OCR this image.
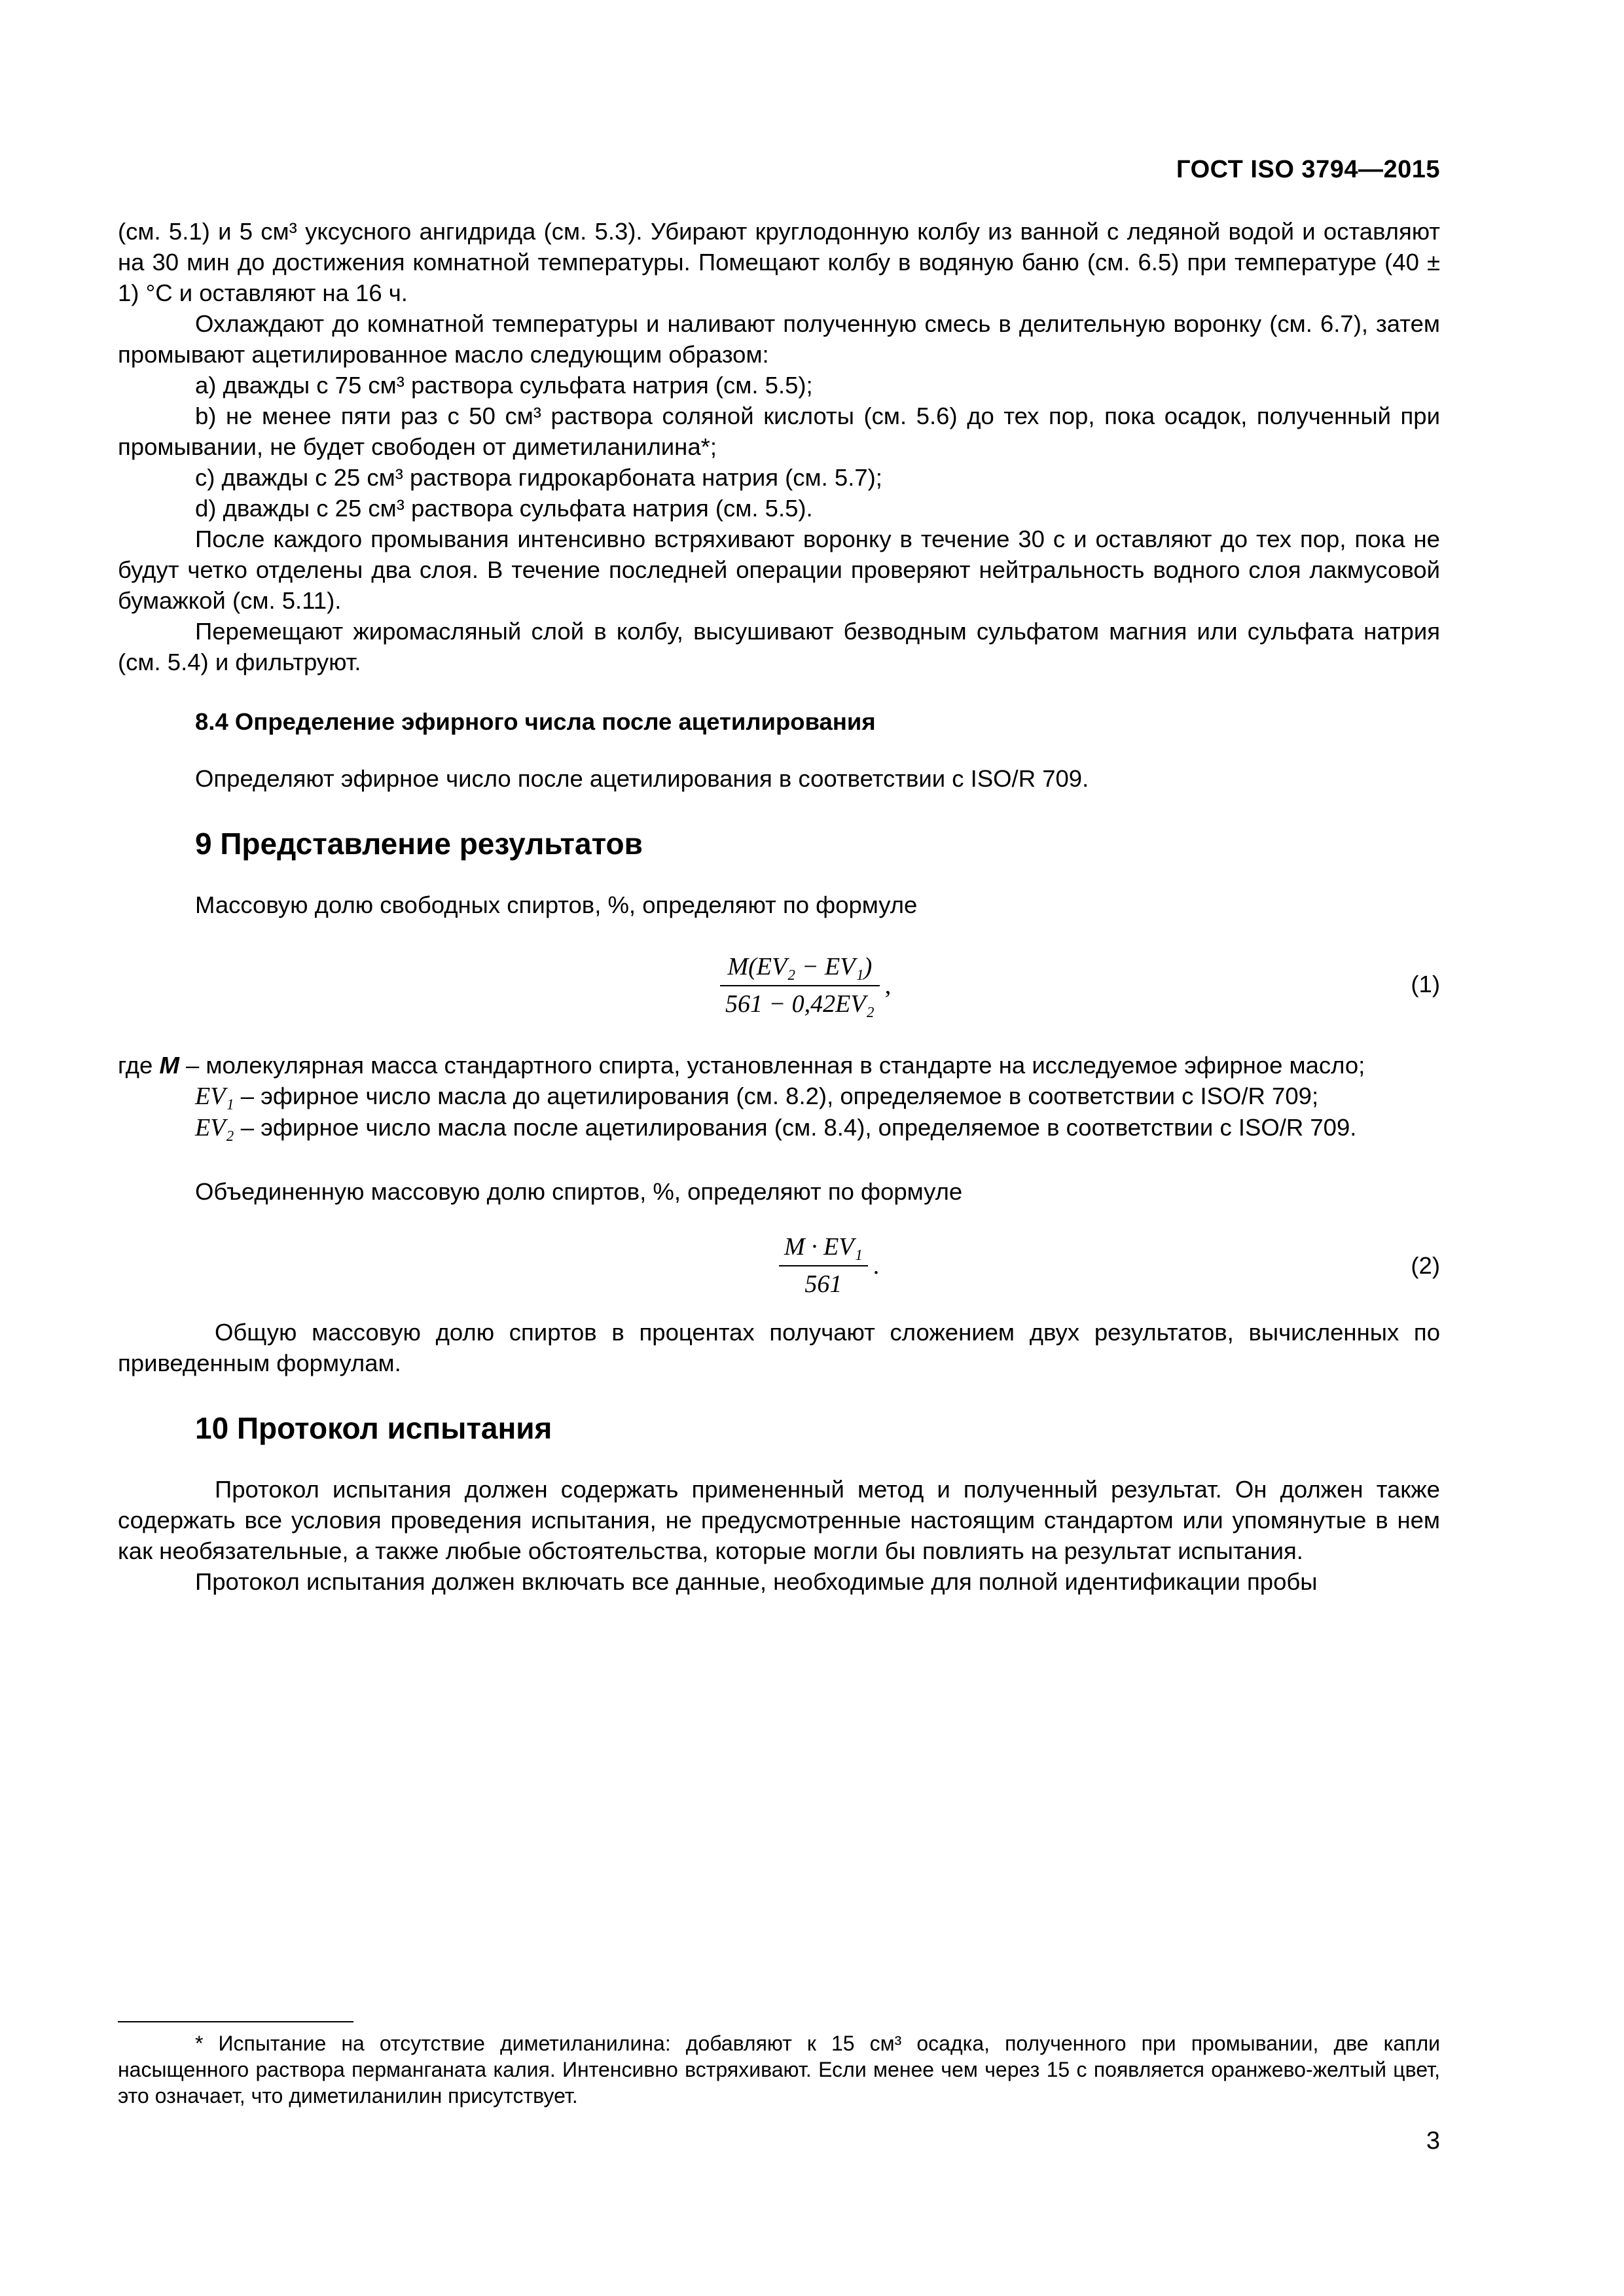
ГОСТ ISO 3794—2015

(см. 5.1) и 5 см³ уксусного ангидрида (см. 5.3). Убирают круглодонную колбу из ванной с ледяной водой и оставляют на 30 мин до достижения комнатной температуры. Помещают колбу в водяную баню (см. 6.5) при температуре (40 ± 1) °С и оставляют на 16 ч.

Охлаждают до комнатной температуры и наливают полученную смесь в делительную воронку (см. 6.7), затем промывают ацетилированное масло следующим образом:

a) дважды с 75 см³ раствора сульфата натрия (см. 5.5);

b) не менее пяти раз с 50 см³ раствора соляной кислоты (см. 5.6) до тех пор, пока осадок, полученный при промывании, не будет свободен от диметиланилина*;

c) дважды с 25 см³ раствора гидрокарбоната натрия (см. 5.7);

d) дважды с 25 см³ раствора сульфата натрия (см. 5.5).

После каждого промывания интенсивно встряхивают воронку в течение 30 с и оставляют до тех пор, пока не будут четко отделены два слоя. В течение последней операции проверяют нейтральность водного слоя лакмусовой бумажкой (см. 5.11).

Перемещают жиромасляный слой в колбу, высушивают безводным сульфатом магния или сульфата натрия (см. 5.4) и фильтруют.

8.4 Определение эфирного числа после ацетилирования

Определяют эфирное число после ацетилирования в соответствии с ISO/R 709.

9 Представление результатов

Массовую долю свободных спиртов, %, определяют по формуле

$\frac{\text{M(EV₂ − EV₁)}}{\text{561 − 0,42EV₂}}$ ,	(1)

где M – молекулярная масса стандартного спирта, установленная в стандарте на исследуемое эфирное масло;

EV₁ – эфирное число масла до ацетилирования (см. 8.2), определяемое в соответствии с ISO/R 709;

EV₂ – эфирное число масла после ацетилирования (см. 8.4), определяемое в соответствии с ISO/R 709.

Объединенную массовую долю спиртов, %, определяют по формуле

$\frac{\text{M · EV₁}}{561}$ .	(2)

Общую массовую долю спиртов в процентах получают сложением двух результатов, вычисленных по приведенным формулам.

10 Протокол испытания

Протокол испытания должен содержать примененный метод и полученный результат. Он должен также содержать все условия проведения испытания, не предусмотренные настоящим стандартом или упомянутые в нем как необязательные, а также любые обстоятельства, которые могли бы повлиять на результат испытания.

Протокол испытания должен включать все данные, необходимые для полной идентификации пробы

* Испытание на отсутствие диметиланилина: добавляют к 15 см³ осадка, полученного при промывании, две капли насыщенного раствора перманганата калия. Интенсивно встряхивают. Если менее чем через 15 с появляется оранжево-желтый цвет, это означает, что диметиланилин присутствует.

3
